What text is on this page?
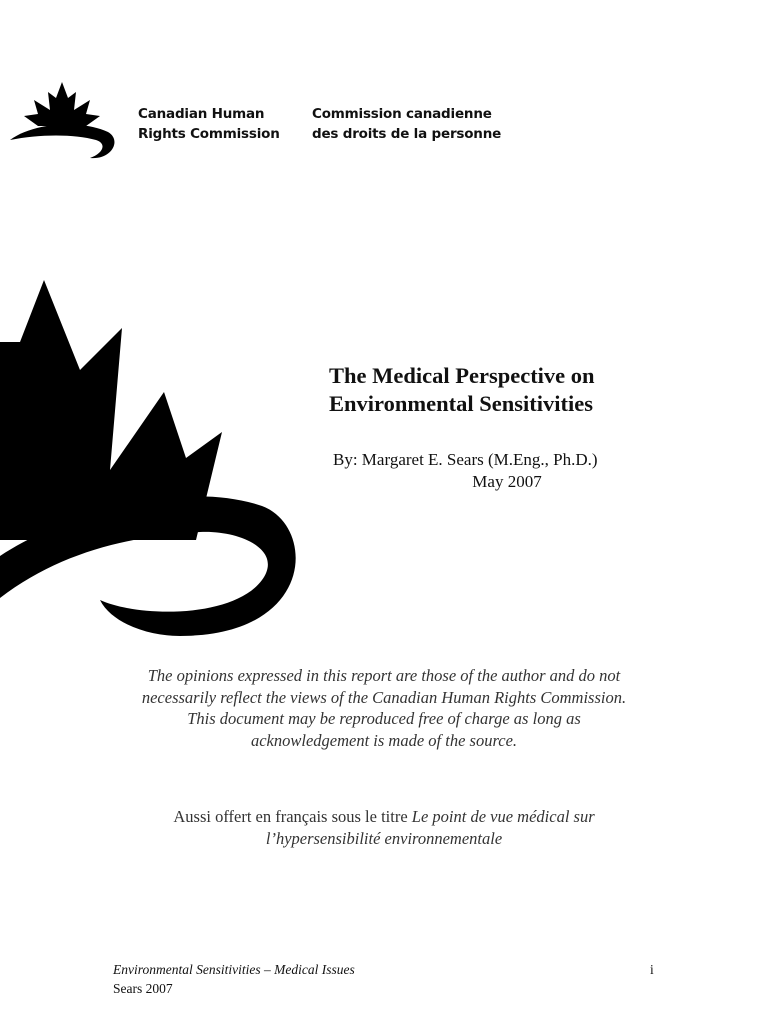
Canadian Human
Rights Commission
Commission canadienne
des droits de la personne
The Medical Perspective on
Environmental Sensitivities
By: Margaret E. Sears (M.Eng., Ph.D.)
May 2007
The opinions expressed in this report are those of the author and do not
necessarily reflect the views of the Canadian Human Rights Commission.
This document may be reproduced free of charge as long as
acknowledgement is made of the source.
Aussi offert en français sous le titre Le point de vue médical sur
l’hypersensibilité environnementale
Environmental Sensitivities – Medical Issues
Sears 2007
i
